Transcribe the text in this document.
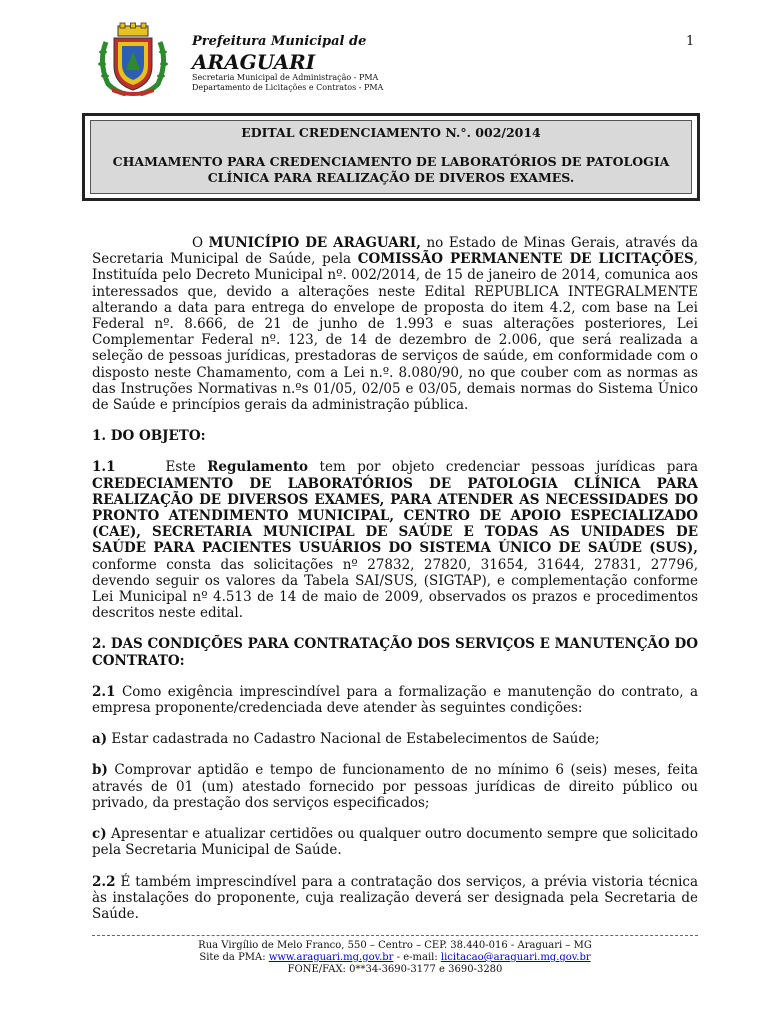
Prefeitura Municipal de
ARAGUARI
Secretaria Municipal de Administração - PMA
Departamento de Licitações e Contratos - PMA
1
EDITAL CREDENCIAMENTO N.°. 002/2014
CHAMAMENTO PARA CREDENCIAMENTO DE LABORATÓRIOS DE PATOLOGIA
CLÍNICA PARA REALIZAÇÃO DE DIVEROS EXAMES.

O MUNICÍPIO DE ARAGUARI, no Estado de Minas Gerais, através da Secretaria Municipal de Saúde, pela COMISSÃO PERMANENTE DE LICITAÇÕES, Instituída pelo Decreto Municipal nº. 002/2014, de 15 de janeiro de 2014, comunica aos interessados que, devido a alterações neste Edital REPUBLICA INTEGRALMENTE alterando a data para entrega do envelope de proposta do item 4.2, com base na Lei Federal nº. 8.666, de 21 de junho de 1.993 e suas alterações posteriores, Lei Complementar Federal nº. 123, de 14 de dezembro de 2.006, que será realizada a seleção de pessoas jurídicas, prestadoras de serviços de saúde, em conformidade com o disposto neste Chamamento, com a Lei n.º. 8.080/90, no que couber com as normas as das Instruções Normativas n.ºs 01/05, 02/05 e 03/05, demais normas do Sistema Único de Saúde e princípios gerais da administração pública.

1. DO OBJETO:

1.1	Este Regulamento tem por objeto credenciar pessoas jurídicas para CREDECIAMENTO DE LABORATÓRIOS DE PATOLOGIA CLÍNICA PARA REALIZAÇÃO DE DIVERSOS EXAMES, PARA ATENDER AS NECESSIDADES DO PRONTO ATENDIMENTO MUNICIPAL, CENTRO DE APOIO ESPECIALIZADO (CAE), SECRETARIA MUNICIPAL DE SAÚDE E TODAS AS UNIDADES DE SAÚDE PARA PACIENTES USUÁRIOS DO SISTEMA ÚNICO DE SAÚDE (SUS), conforme consta das solicitações nº 27832, 27820, 31654, 31644, 27831, 27796, devendo seguir os valores da Tabela SAI/SUS, (SIGTAP), e complementação conforme Lei Municipal nº 4.513 de 14 de maio de 2009, observados os prazos e procedimentos descritos neste edital.

2. DAS CONDIÇÕES PARA CONTRATAÇÃO DOS SERVIÇOS E MANUTENÇÃO DO CONTRATO:

2.1 Como exigência imprescindível para a formalização e manutenção do contrato, a empresa proponente/credenciada deve atender às seguintes condições:

a) Estar cadastrada no Cadastro Nacional de Estabelecimentos de Saúde;

b) Comprovar aptidão e tempo de funcionamento de no mínimo 6 (seis) meses, feita através de 01 (um) atestado fornecido por pessoas jurídicas de direito público ou privado, da prestação dos serviços especificados;

c) Apresentar e atualizar certidões ou qualquer outro documento sempre que solicitado pela Secretaria Municipal de Saúde.

2.2 É também imprescindível para a contratação dos serviços, a prévia vistoria técnica às instalações do proponente, cuja realização deverá ser designada pela Secretaria de Saúde.

Rua Virgílio de Melo Franco, 550 – Centro – CEP. 38.440-016 - Araguari – MG
Site da PMA: www.araguari.mg.gov.br - e-mail: licitacao@araguari.mg.gov.br
FONE/FAX: 0**34-3690-3177 e 3690-3280
